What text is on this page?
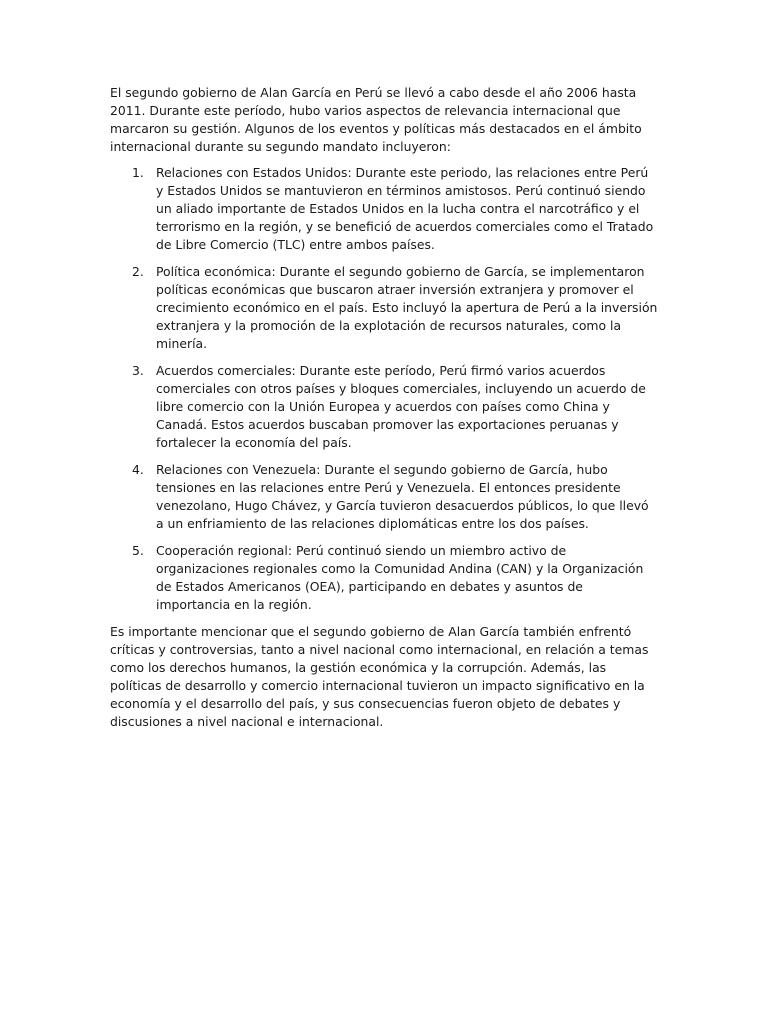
El segundo gobierno de Alan García en Perú se llevó a cabo desde el año 2006 hasta 2011. Durante este período, hubo varios aspectos de relevancia internacional que marcaron su gestión. Algunos de los eventos y políticas más destacados en el ámbito internacional durante su segundo mandato incluyeron:

1. Relaciones con Estados Unidos: Durante este periodo, las relaciones entre Perú y Estados Unidos se mantuvieron en términos amistosos. Perú continuó siendo un aliado importante de Estados Unidos en la lucha contra el narcotráfico y el terrorismo en la región, y se benefició de acuerdos comerciales como el Tratado de Libre Comercio (TLC) entre ambos países.
2. Política económica: Durante el segundo gobierno de García, se implementaron políticas económicas que buscaron atraer inversión extranjera y promover el crecimiento económico en el país. Esto incluyó la apertura de Perú a la inversión extranjera y la promoción de la explotación de recursos naturales, como la minería.
3. Acuerdos comerciales: Durante este período, Perú firmó varios acuerdos comerciales con otros países y bloques comerciales, incluyendo un acuerdo de libre comercio con la Unión Europea y acuerdos con países como China y Canadá. Estos acuerdos buscaban promover las exportaciones peruanas y fortalecer la economía del país.
4. Relaciones con Venezuela: Durante el segundo gobierno de García, hubo tensiones en las relaciones entre Perú y Venezuela. El entonces presidente venezolano, Hugo Chávez, y García tuvieron desacuerdos públicos, lo que llevó a un enfriamiento de las relaciones diplomáticas entre los dos países.
5. Cooperación regional: Perú continuó siendo un miembro activo de organizaciones regionales como la Comunidad Andina (CAN) y la Organización de Estados Americanos (OEA), participando en debates y asuntos de importancia en la región.

Es importante mencionar que el segundo gobierno de Alan García también enfrentó críticas y controversias, tanto a nivel nacional como internacional, en relación a temas como los derechos humanos, la gestión económica y la corrupción. Además, las políticas de desarrollo y comercio internacional tuvieron un impacto significativo en la economía y el desarrollo del país, y sus consecuencias fueron objeto de debates y discusiones a nivel nacional e internacional.
